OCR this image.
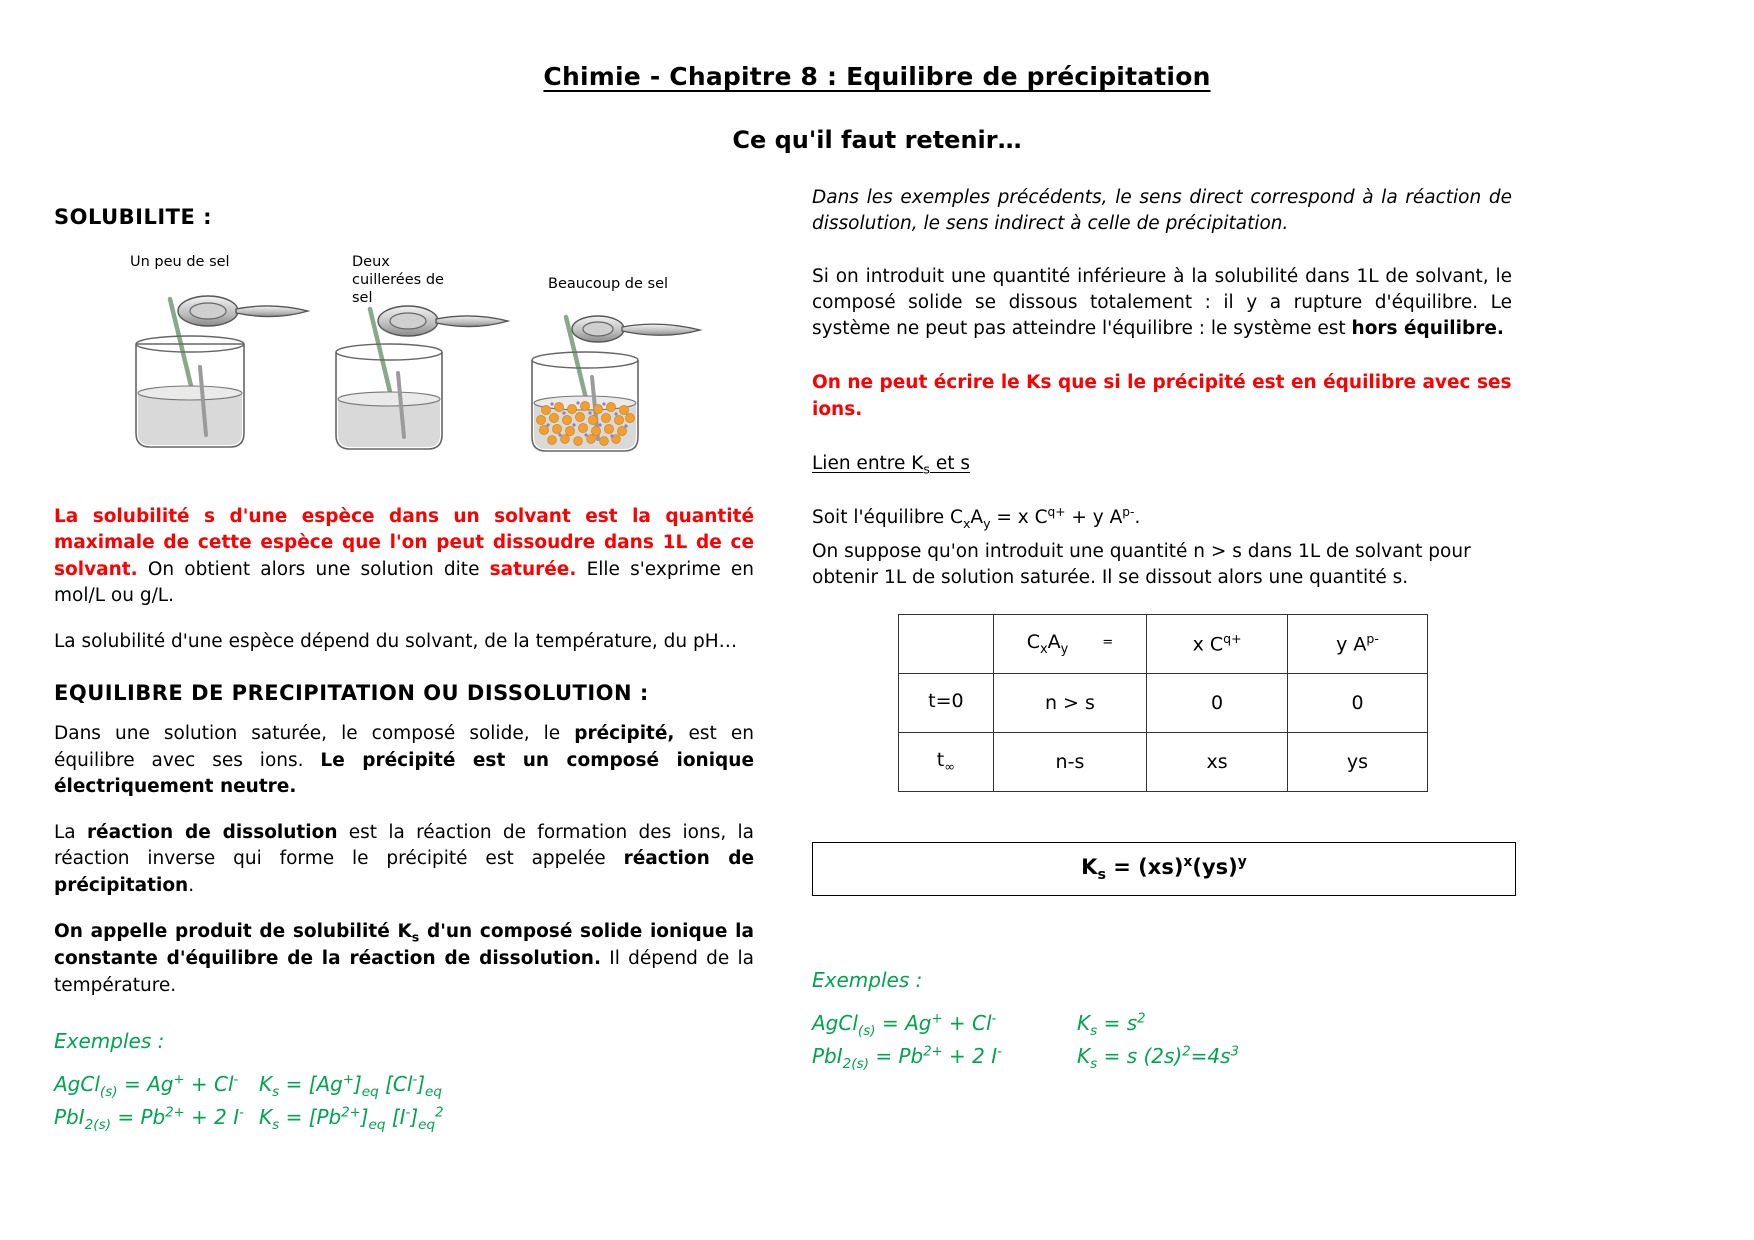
Chimie - Chapitre 8 : Equilibre de précipitation
Ce qu'il faut retenir…
SOLUBILITE :
Un peu de sel	Deux cuillerées de sel
Beaucoup de sel

La solubilité s d'une espèce dans un solvant est la quantité maximale de cette espèce que l'on peut dissoudre dans 1L de ce solvant. On obtient alors une solution dite saturée. Elle s'exprime en mol/L ou g/L.

La solubilité d'une espèce dépend du solvant, de la température, du pH…

EQUILIBRE DE PRECIPITATION OU DISSOLUTION :

Dans une solution saturée, le composé solide, le précipité, est en équilibre avec ses ions. Le précipité est un composé ionique électriquement neutre.

La réaction de dissolution est la réaction de formation des ions, la réaction inverse qui forme le précipité est appelée réaction de précipitation.

On appelle produit de solubilité $K_s$ d'un composé solide ionique la constante d'équilibre de la réaction de dissolution. Il dépend de la température.

Exemples :
AgCl$_{(s)}$ = Ag+ + Cl-	$K_s = [Ag^+]_{eq}$ $[Cl^-]_{eq}$
$PbI_{2(s)} = Pb^{2+} + 2$ I- $K_s = [Pb^{2+}]_{eq}$ $[I^-]_{eq}^2$

Dans les exemples précédents, le sens direct correspond à la réaction de dissolution, le sens indirect à celle de précipitation.

Si on introduit une quantité inférieure à la solubilité dans 1L de solvant, le composé solide se dissous totalement : il y a rupture d'équilibre. Le système ne peut pas atteindre l'équilibre : le système est hors équilibre.

On ne peut écrire le Ks que si le précipité est en équilibre avec ses ions.

Lien entre $K_s$ et s

Soit l'équilibre $C_xA_y = x$ $C^{q+} + y$ $A^{p-}$.

On suppose qu'on introduit une quantité n > s dans 1L de solvant pour obtenir 1L de solution saturée. Il se dissout alors une quantité s.

	$C_xA_y$ =	x $C^{q+}$	y $A^{p-}$
t=0	n > s	0	0
$t_\infty$	n-s	xs	ys
$K_s = (xs)^x(ys)^y$
Exemples :
AgCl$_{(s)}$ = Ag+ + Cl-	$K_s = s^2$
$PbI_{2(s)} = Pb^{2+} + 2$ I-	$K_s = s$ $(2s)^2=4s^3$
